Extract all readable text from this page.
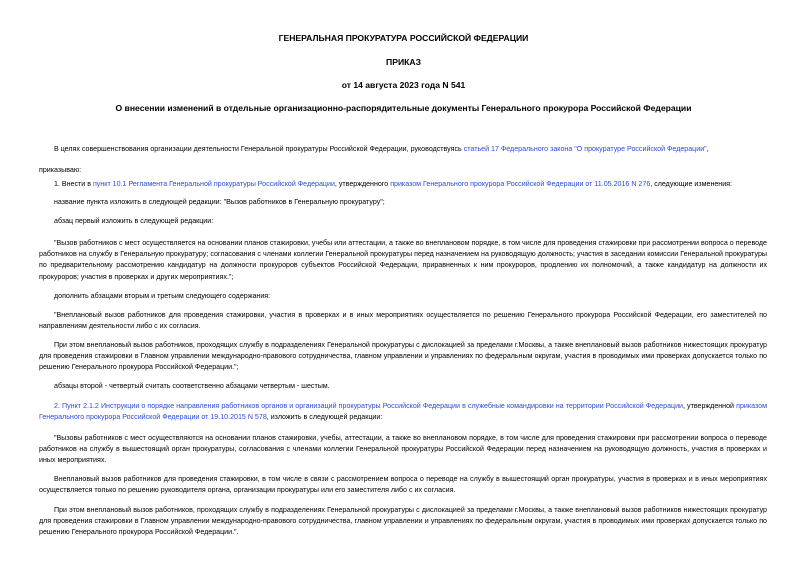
ГЕНЕРАЛЬНАЯ ПРОКУРАТУРА РОССИЙСКОЙ ФЕДЕРАЦИИ
ПРИКАЗ
от 14 августа 2023 года N 541
О внесении изменений в отдельные организационно-распорядительные документы Генерального прокурора Российской Федерации
В целях совершенствования организации деятельности Генеральной прокуратуры Российской Федерации, руководствуясь статьей 17 Федерального закона "О прокуратуре Российской Федерации",
приказываю:
1. Внести в пункт 10.1 Регламента Генеральной прокуратуры Российской Федерации, утвержденного приказом Генерального прокурора Российской Федерации от 11.05.2016 N 276, следующие изменения:
название пункта изложить в следующей редакции: "Вызов работников в Генеральную прокуратуру";
абзац первый изложить в следующей редакции:
"Вызов работников с мест осуществляется на основании планов стажировки, учебы или аттестации, а также во внеплановом порядке, в том числе для проведения стажировки при рассмотрении вопроса о переводе работников на службу в Генеральную прокуратуру; согласования с членами коллегии Генеральной прокуратуры перед назначением на руководящую должность; участия в заседании комиссии Генеральной прокуратуры по предварительному рассмотрению кандидатур на должности прокуроров субъектов Российской Федерации, приравненных к ним прокуроров, продлению их полномочий, а также кандидатур на должности их прокуроров; участия в проверках и других мероприятиях.";
дополнить абзацами вторым и третьим следующего содержания:
"Внеплановый вызов работников для проведения стажировки, участия в проверках и в иных мероприятиях осуществляется по решению Генерального прокурора Российской Федерации, его заместителей по направлениям деятельности либо с их согласия.
При этом внеплановый вызов работников, проходящих службу в подразделениях Генеральной прокуратуры с дислокацией за пределами г.Москвы, а также внеплановый вызов работников нижестоящих прокуратур для проведения стажировки в Главном управлении международно-правового сотрудничества, главном управлении и управлениях по федеральным округам, участия в проводимых ими проверках допускается только по решению Генерального прокурора Российской Федерации.";
абзацы второй - четвертый считать соответственно абзацами четвертым - шестым.
2. Пункт 2.1.2 Инструкции о порядке направления работников органов и организаций прокуратуры Российской Федерации в служебные командировки на территории Российской Федерации, утвержденной приказом Генерального прокурора Российской Федерации от 19.10.2015 N 578, изложить в следующей редакции:
"Вызовы работников с мест осуществляются на основании планов стажировки, учебы, аттестации, а также во внеплановом порядке, в том числе для проведения стажировки при рассмотрении вопроса о переводе работников на службу в вышестоящий орган прокуратуры, согласования с членами коллегии Генеральной прокуратуры Российской Федерации перед назначением на руководящую должность, участия в проверках и иных мероприятиях.
Внеплановый вызов работников для проведения стажировки, в том числе в связи с рассмотрением вопроса о переводе на службу в вышестоящий орган прокуратуры, участия в проверках и в иных мероприятиях осуществляется только по решению руководителя органа, организации прокуратуры или его заместителя либо с их согласия.
При этом внеплановый вызов работников, проходящих службу в подразделениях Генеральной прокуратуры с дислокацией за пределами г.Москвы, а также внеплановый вызов работников нижестоящих прокуратур для проведения стажировки в Главном управлении международно-правового сотрудничества, главном управлении и управлениях по федеральным округам, участия в проводимых ими проверках допускается только по решению Генерального прокурора Российской Федерации.".
